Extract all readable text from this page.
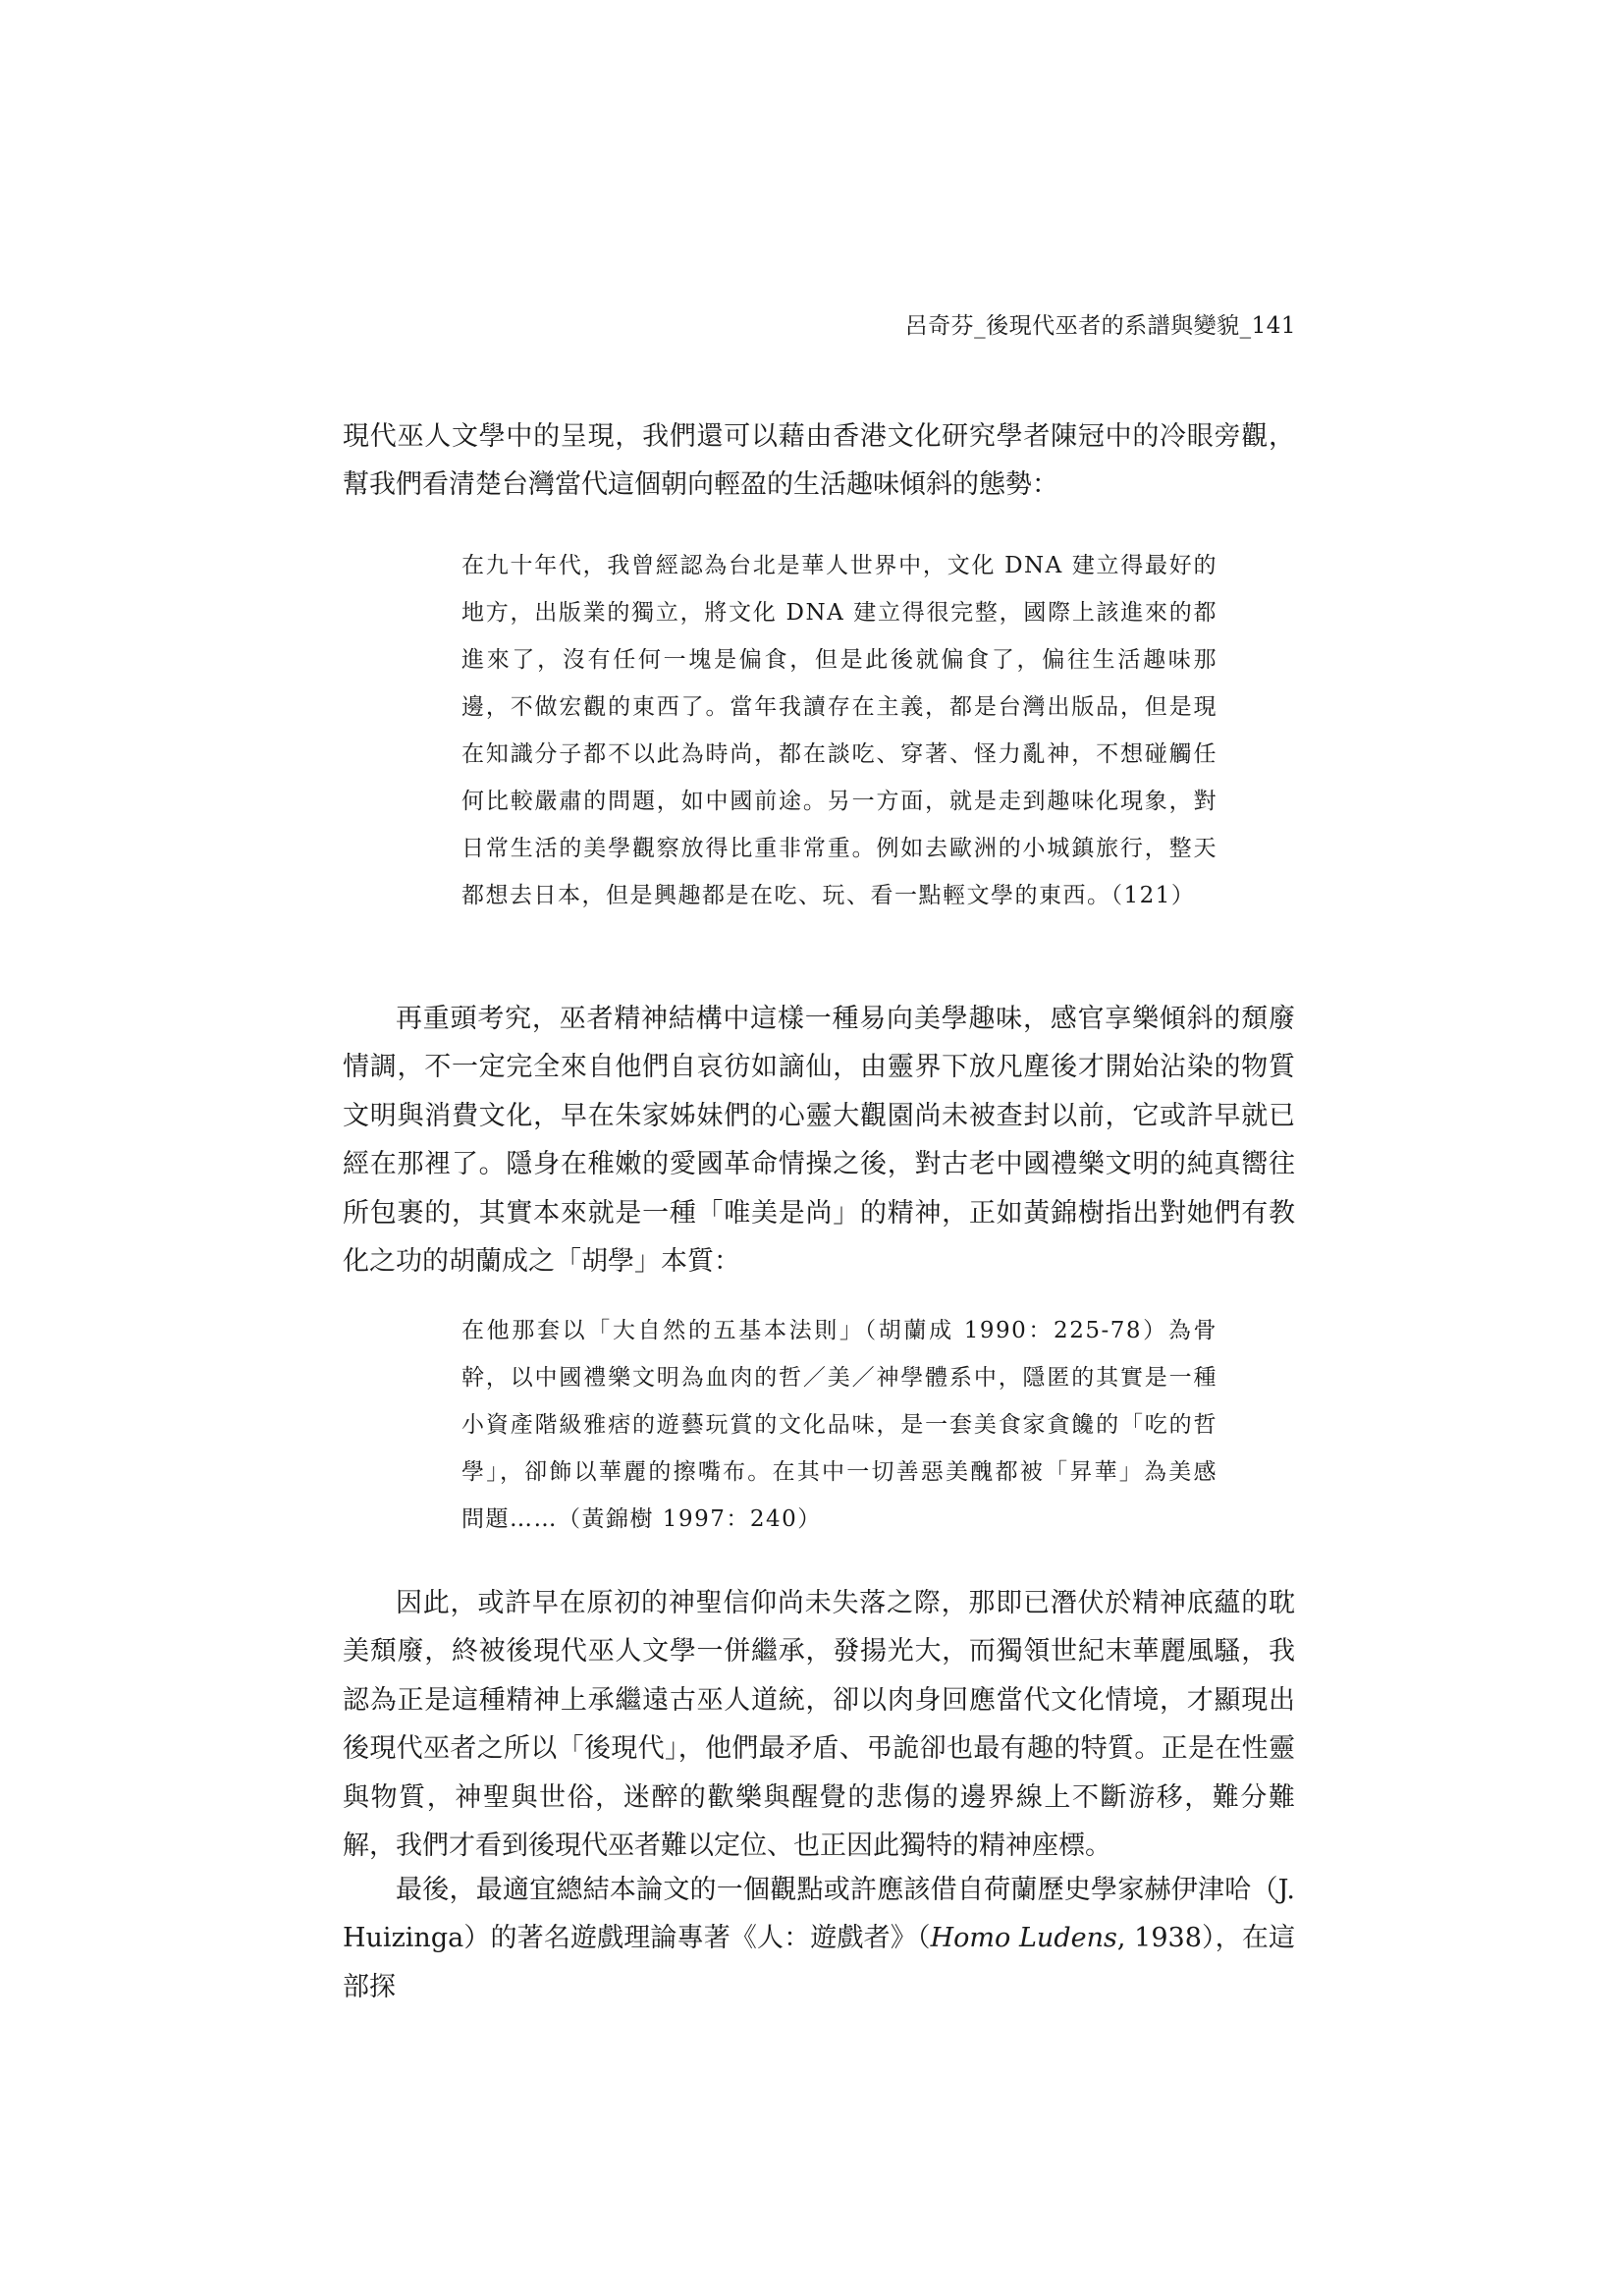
呂奇芬_後現代巫者的系譜與變貌_141

現代巫人文學中的呈現，我們還可以藉由香港文化研究學者陳冠中的冷眼旁觀，幫我們看清楚台灣當代這個朝向輕盈的生活趣味傾斜的態勢：

在九十年代，我曾經認為台北是華人世界中，文化 DNA 建立得最好的地方，出版業的獨立，將文化 DNA 建立得很完整，國際上該進來的都進來了，沒有任何一塊是偏食，但是此後就偏食了，偏往生活趣味那邊，不做宏觀的東西了。當年我讀存在主義，都是台灣出版品，但是現在知識分子都不以此為時尚，都在談吃、穿著、怪力亂神，不想碰觸任何比較嚴肅的問題，如中國前途。另一方面，就是走到趣味化現象，對日常生活的美學觀察放得比重非常重。例如去歐洲的小城鎮旅行，整天都想去日本，但是興趣都是在吃、玩、看一點輕文學的東西。（121）

再重頭考究，巫者精神結構中這樣一種易向美學趣味，感官享樂傾斜的頹廢情調，不一定完全來自他們自哀彷如謫仙，由靈界下放凡塵後才開始沾染的物質文明與消費文化，早在朱家姊妹們的心靈大觀園尚未被查封以前，它或許早就已經在那裡了。隱身在稚嫩的愛國革命情操之後，對古老中國禮樂文明的純真嚮往所包裹的，其實本來就是一種「唯美是尚」的精神，正如黃錦樹指出對她們有教化之功的胡蘭成之「胡學」本質：

在他那套以「大自然的五基本法則」（胡蘭成 1990：225-78）為骨幹，以中國禮樂文明為血肉的哲／美／神學體系中，隱匿的其實是一種小資產階級雅痞的遊藝玩賞的文化品味，是一套美食家貪饞的「吃的哲學」，卻飾以華麗的擦嘴布。在其中一切善惡美醜都被「昇華」為美感問題……（黃錦樹 1997：240）

因此，或許早在原初的神聖信仰尚未失落之際，那即已潛伏於精神底蘊的耽美頹廢，終被後現代巫人文學一併繼承，發揚光大，而獨領世紀末華麗風騷，我認為正是這種精神上承繼遠古巫人道統，卻以肉身回應當代文化情境，才顯現出後現代巫者之所以「後現代」，他們最矛盾、弔詭卻也最有趣的特質。正是在性靈與物質，神聖與世俗，迷醉的歡樂與醒覺的悲傷的邊界線上不斷游移，難分難解，我們才看到後現代巫者難以定位、也正因此獨特的精神座標。

最後，最適宜總結本論文的一個觀點或許應該借自荷蘭歷史學家赫伊津哈（J. Huizinga）的著名遊戲理論專著《人：遊戲者》（Homo Ludens, 1938），在這部探
